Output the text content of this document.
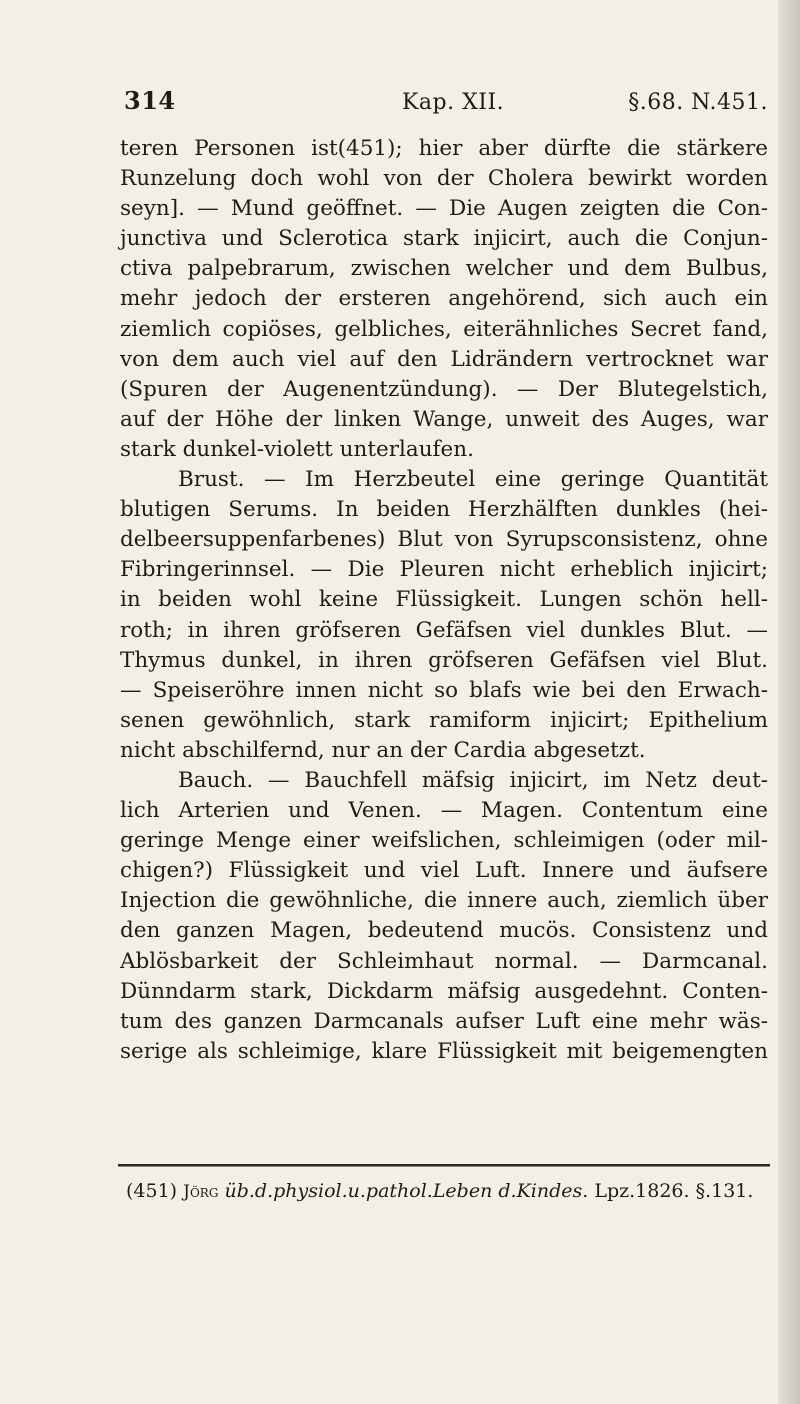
314	Kap. XII.	§.68. N.451.
teren Personen ist(451); hier aber dürfte die stärkere
Runzelung doch wohl von der Cholera bewirkt worden
seyn]. — Mund geöffnet. — Die Augen zeigten die Con-
junctiva und Sclerotica stark injicirt, auch die Conjun-
ctiva palpebrarum, zwischen welcher und dem Bulbus,
mehr jedoch der ersteren angehörend, sich auch ein
ziemlich copiöses, gelbliches, eiterähnliches Secret fand,
von dem auch viel auf den Lidrändern vertrocknet war
(Spuren der Augenentzündung). — Der Blutegelstich,
auf der Höhe der linken Wange, unweit des Auges, war
stark dunkel-violett unterlaufen.
Brust. — Im Herzbeutel eine geringe Quantität
blutigen Serums. In beiden Herzhälften dunkles (hei-
delbeersuppenfarbenes) Blut von Syrupsconsistenz, ohne
Fibringerinnsel. — Die Pleuren nicht erheblich injicirt;
in beiden wohl keine Flüssigkeit. Lungen schön hell-
roth; in ihren gröfseren Gefäfsen viel dunkles Blut. —
Thymus dunkel, in ihren gröfseren Gefäfsen viel Blut.
— Speiseröhre innen nicht so blafs wie bei den Erwach-
senen gewöhnlich, stark ramiform injicirt; Epithelium
nicht abschilfernd, nur an der Cardia abgesetzt.
Bauch. — Bauchfell mäfsig injicirt, im Netz deut-
lich Arterien und Venen. — Magen. Contentum eine
geringe Menge einer weifslichen, schleimigen (oder mil-
chigen?) Flüssigkeit und viel Luft. Innere und äufsere
Injection die gewöhnliche, die innere auch, ziemlich über
den ganzen Magen, bedeutend mucös. Consistenz und
Ablösbarkeit der Schleimhaut normal. — Darmcanal.
Dünndarm stark, Dickdarm mäfsig ausgedehnt. Conten-
tum des ganzen Darmcanals aufser Luft eine mehr wäs-
serige als schleimige, klare Flüssigkeit mit beigemengten
(451) Jörg üb.d.physiol.u.pathol.Leben d.Kindes. Lpz.1826. §.131.
